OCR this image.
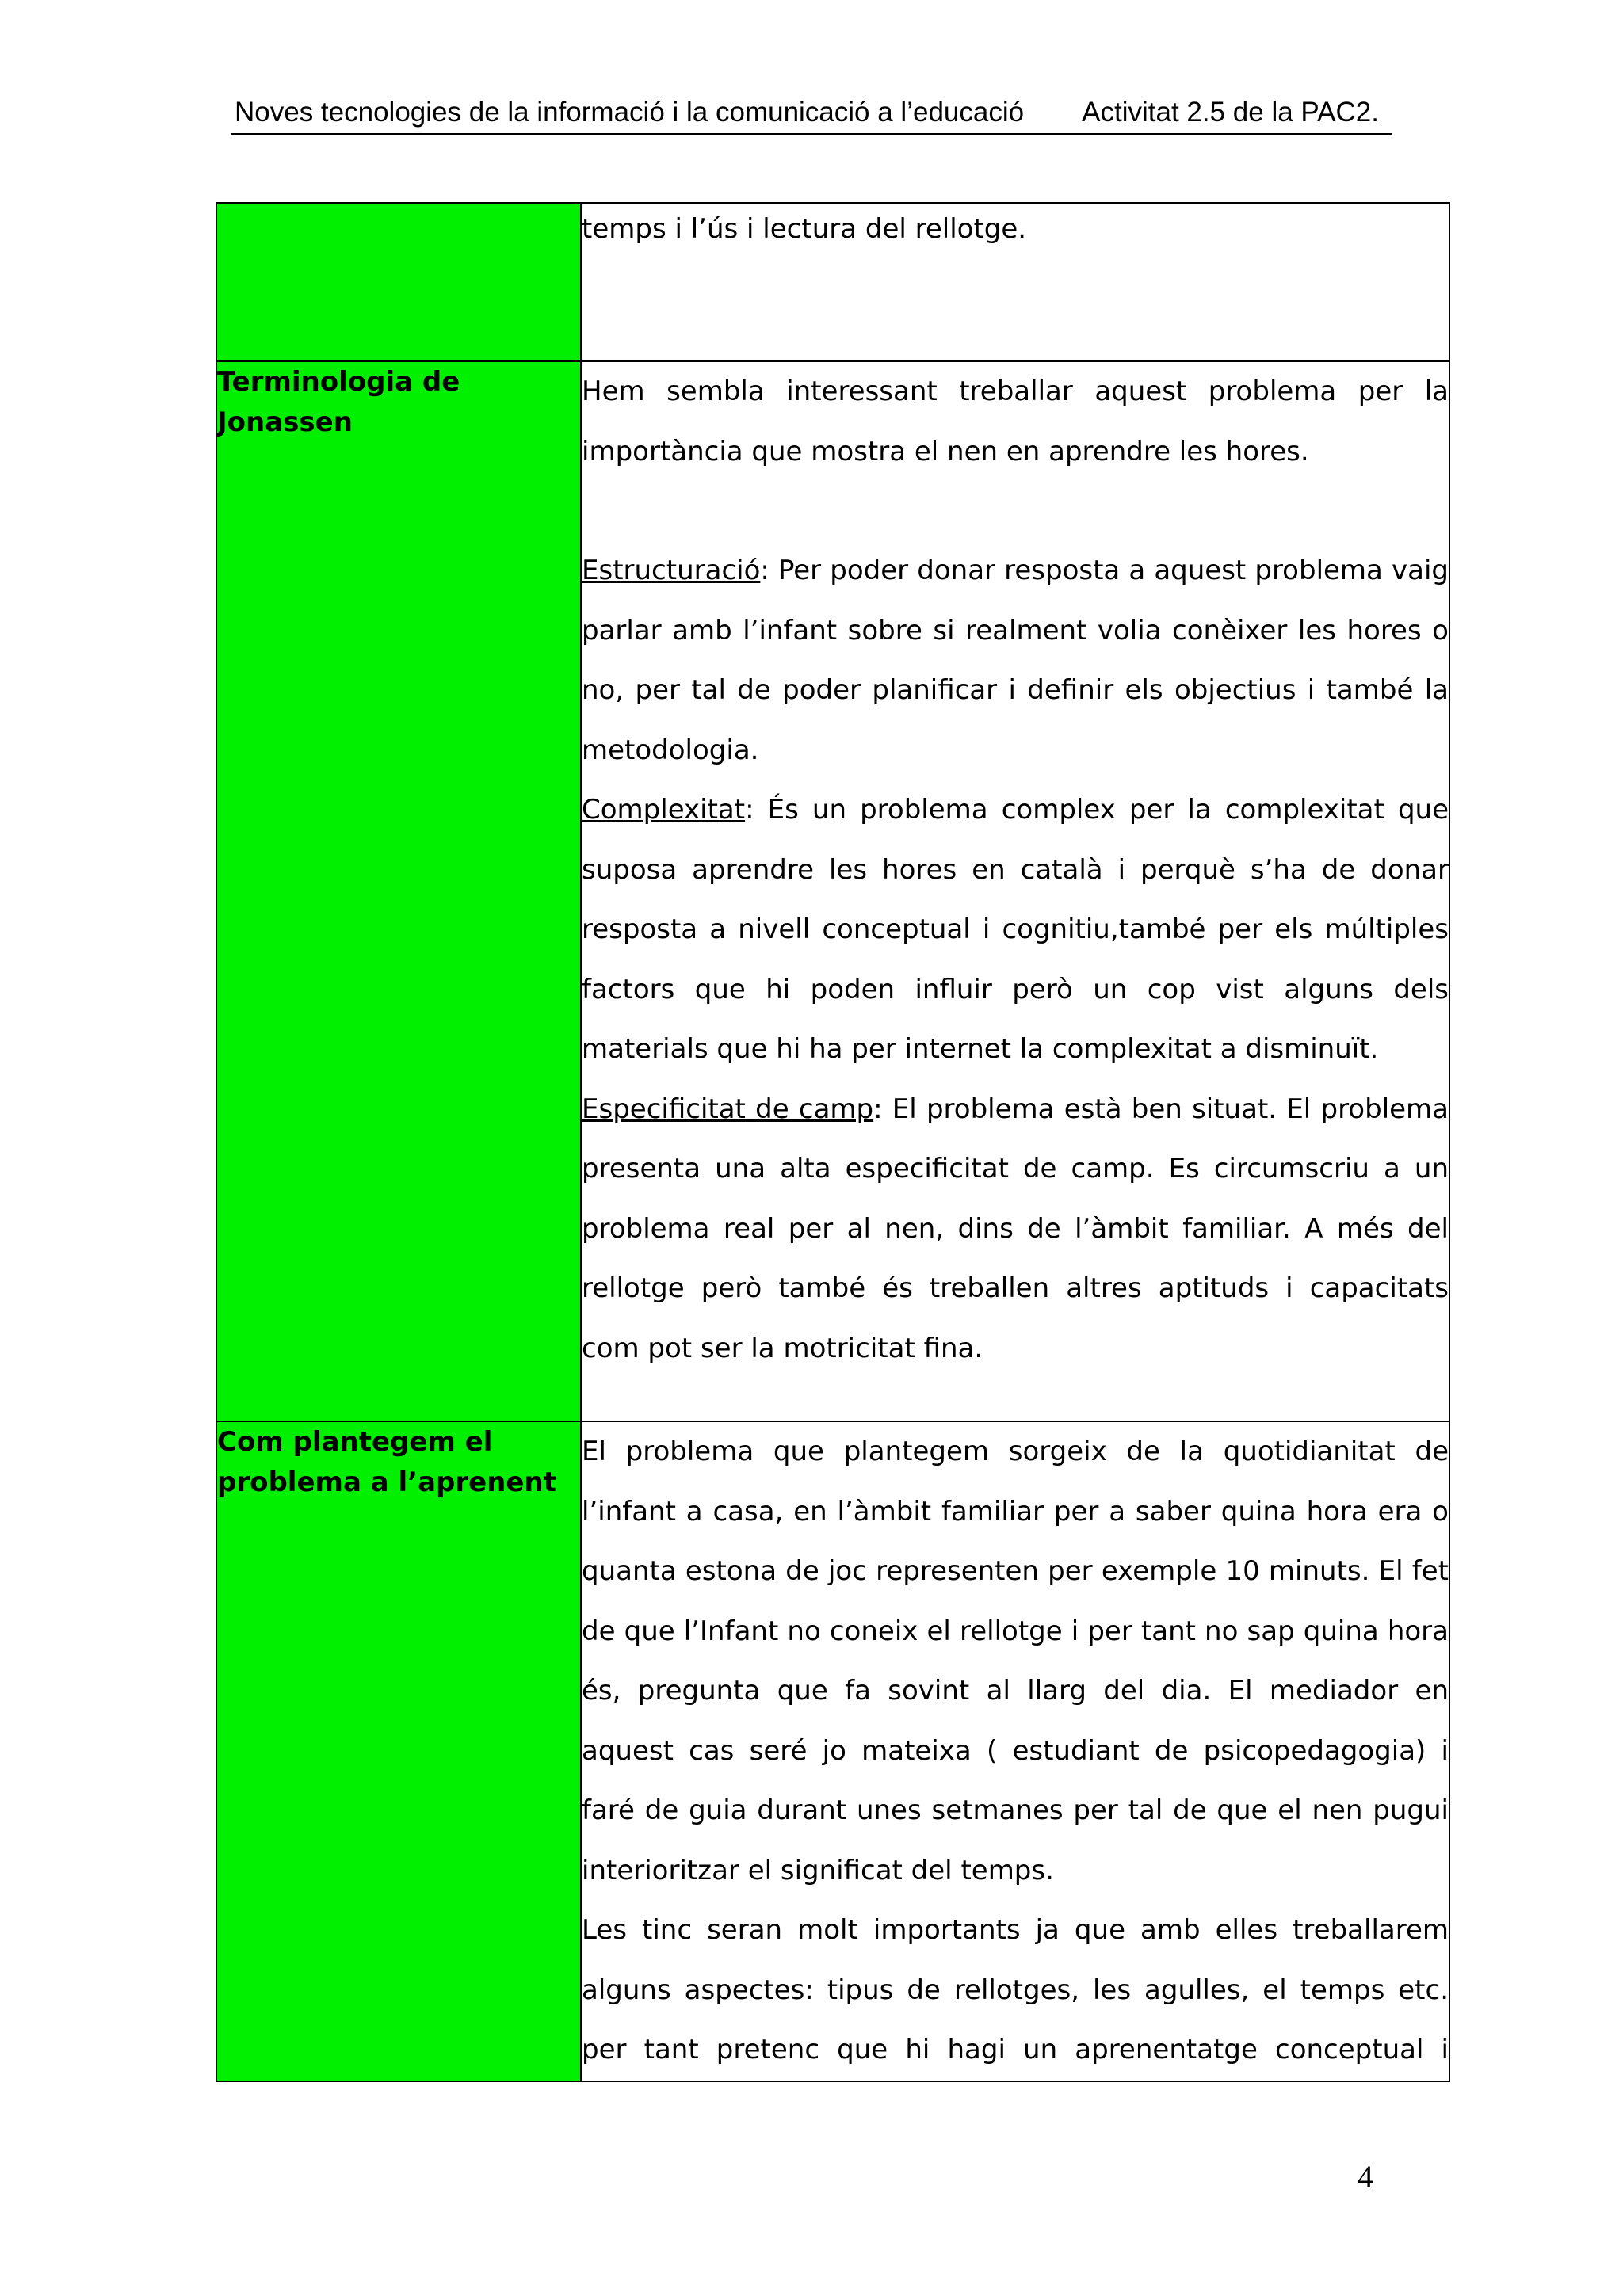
Noves tecnologies de la informació i la comunicació a l’educació Activitat 2.5 de la PAC2.

	temps i l’ús i lectura del rellotge.

Terminologia de Jonassen	Hem sembla interessant treballar aquest problema per la importància que mostra el nen en aprendre les hores.

Estructuració: Per poder donar resposta a aquest problema vaig parlar amb l’infant sobre si realment volia conèixer les hores o no, per tal de poder planificar i definir els objectius i també la metodologia.

Complexitat: És un problema complex per la complexitat que suposa aprendre les hores en català i perquè s’ha de donar resposta a nivell conceptual i cognitiu,també per els múltiples factors que hi poden influir però un cop vist alguns dels materials que hi ha per internet la complexitat a disminuït.

Especificitat de camp: El problema està ben situat. El problema presenta una alta especificitat de camp. Es circumscriu a un problema real per al nen, dins de l’àmbit familiar. A més del rellotge però també és treballen altres aptituds i capacitats com pot ser la motricitat fina.

Com plantegem el problema a l’aprenent	El problema que plantegem sorgeix de la quotidianitat de l’infant a casa, en l’àmbit familiar per a saber quina hora era o quanta estona de joc representen per exemple 10 minuts. El fet de que l’Infant no coneix el rellotge i per tant no sap quina hora és, pregunta que fa sovint al llarg del dia. El mediador en aquest cas seré jo mateixa ( estudiant de psicopedagogia) i faré de guia durant unes setmanes per tal de que el nen pugui interioritzar el significat del temps.

Les tinc seran molt importants ja que amb elles treballarem alguns aspectes: tipus de rellotges, les agulles, el temps etc. per tant pretenc que hi hagi un aprenentatge conceptual i

4
